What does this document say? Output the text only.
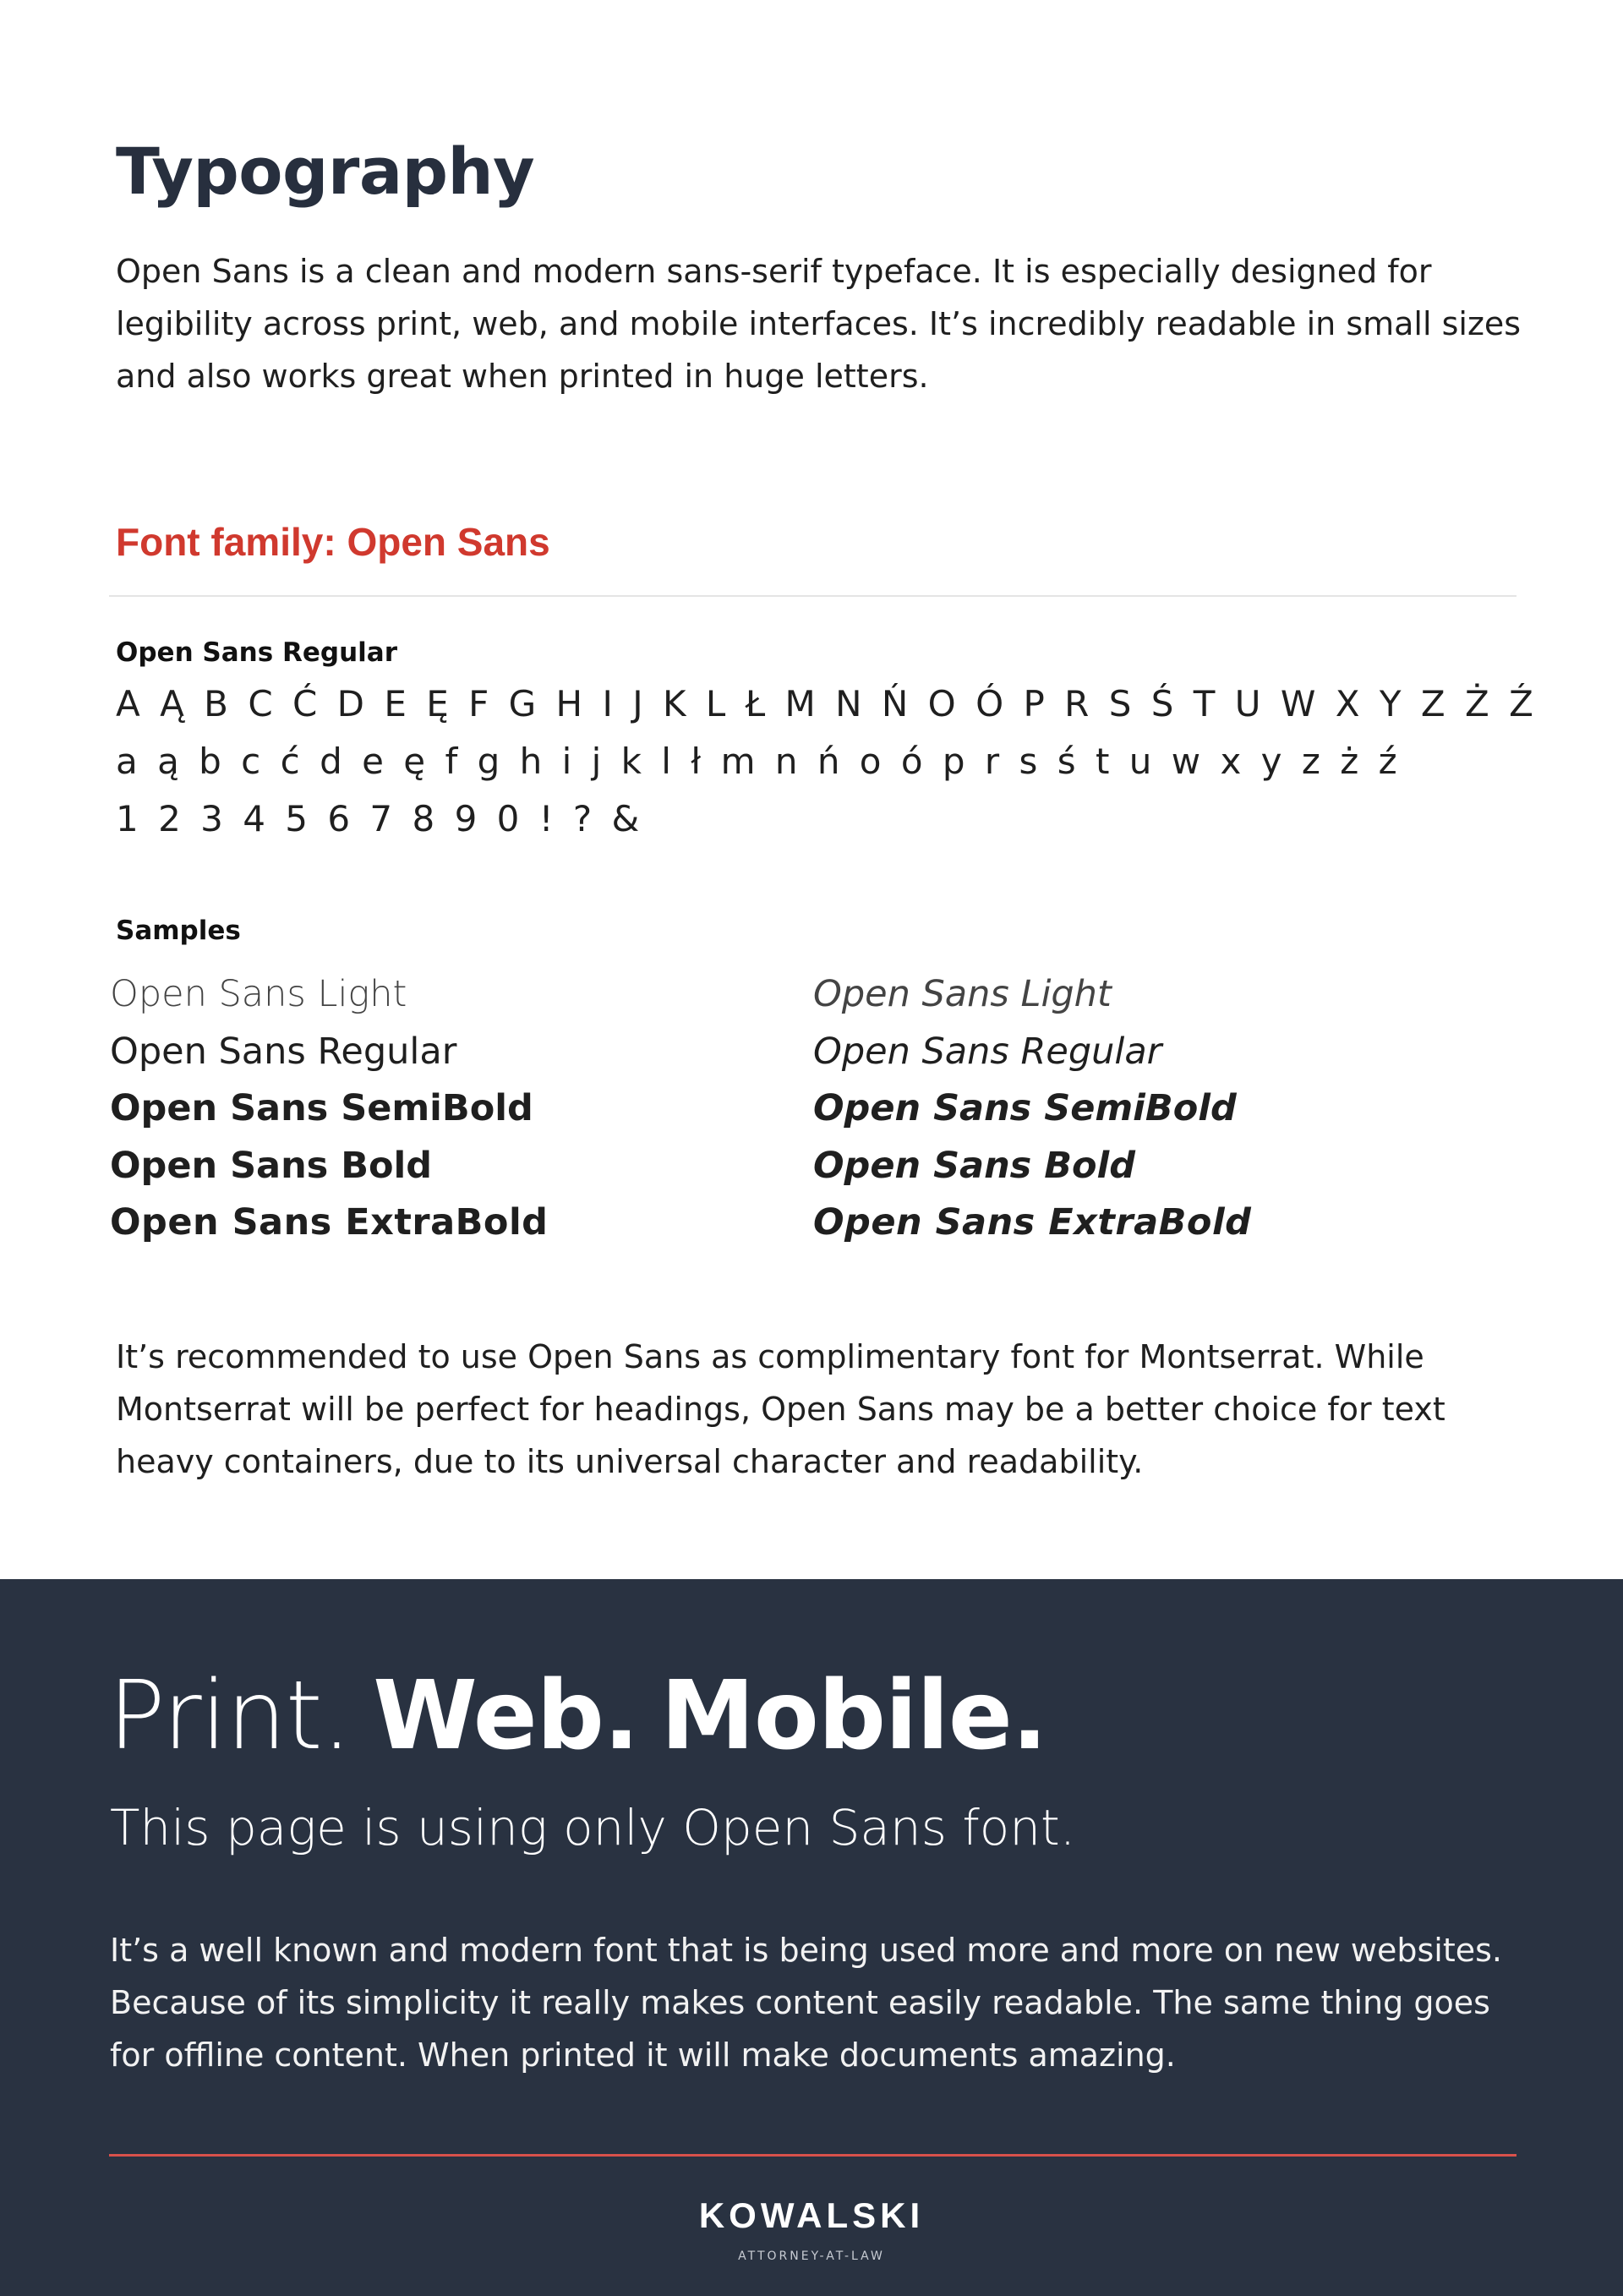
Typography

Open Sans is a clean and modern sans-serif typeface. It is especially designed for legibility across print, web, and mobile interfaces. It’s incredibly readable in small sizes and also works great when printed in huge letters.

Font family: Open Sans
Open Sans Regular
A Ą B C Ć D E Ę F G H I J K L Ł M N Ń O Ó P R S Ś T U W X Y Z Ż Ź
a ą b c ć d e ę f g h i j k l ł m n ń o ó p r s ś t u w x y z ż ź
1 2 3 4 5 6 7 8 9 0 ! ? &
Samples
Open Sans Light
Open Sans Regular
Open Sans SemiBold
Open Sans Bold
Open Sans ExtraBold
Open Sans Light
Open Sans Regular
Open Sans SemiBold
Open Sans Bold
Open Sans ExtraBold

It’s recommended to use Open Sans as complimentary font for Montserrat. While Montserrat will be perfect for headings, Open Sans may be a better choice for text heavy containers, due to its universal character and readability.

Print. Web. Mobile.
This page is using only Open Sans font.

It’s a well known and modern font that is being used more and more on new websites. Because of its simplicity it really makes content easily readable. The same thing goes for offline content. When printed it will make documents amazing.

KOWALSKI
ATTORNEY-AT-LAW
